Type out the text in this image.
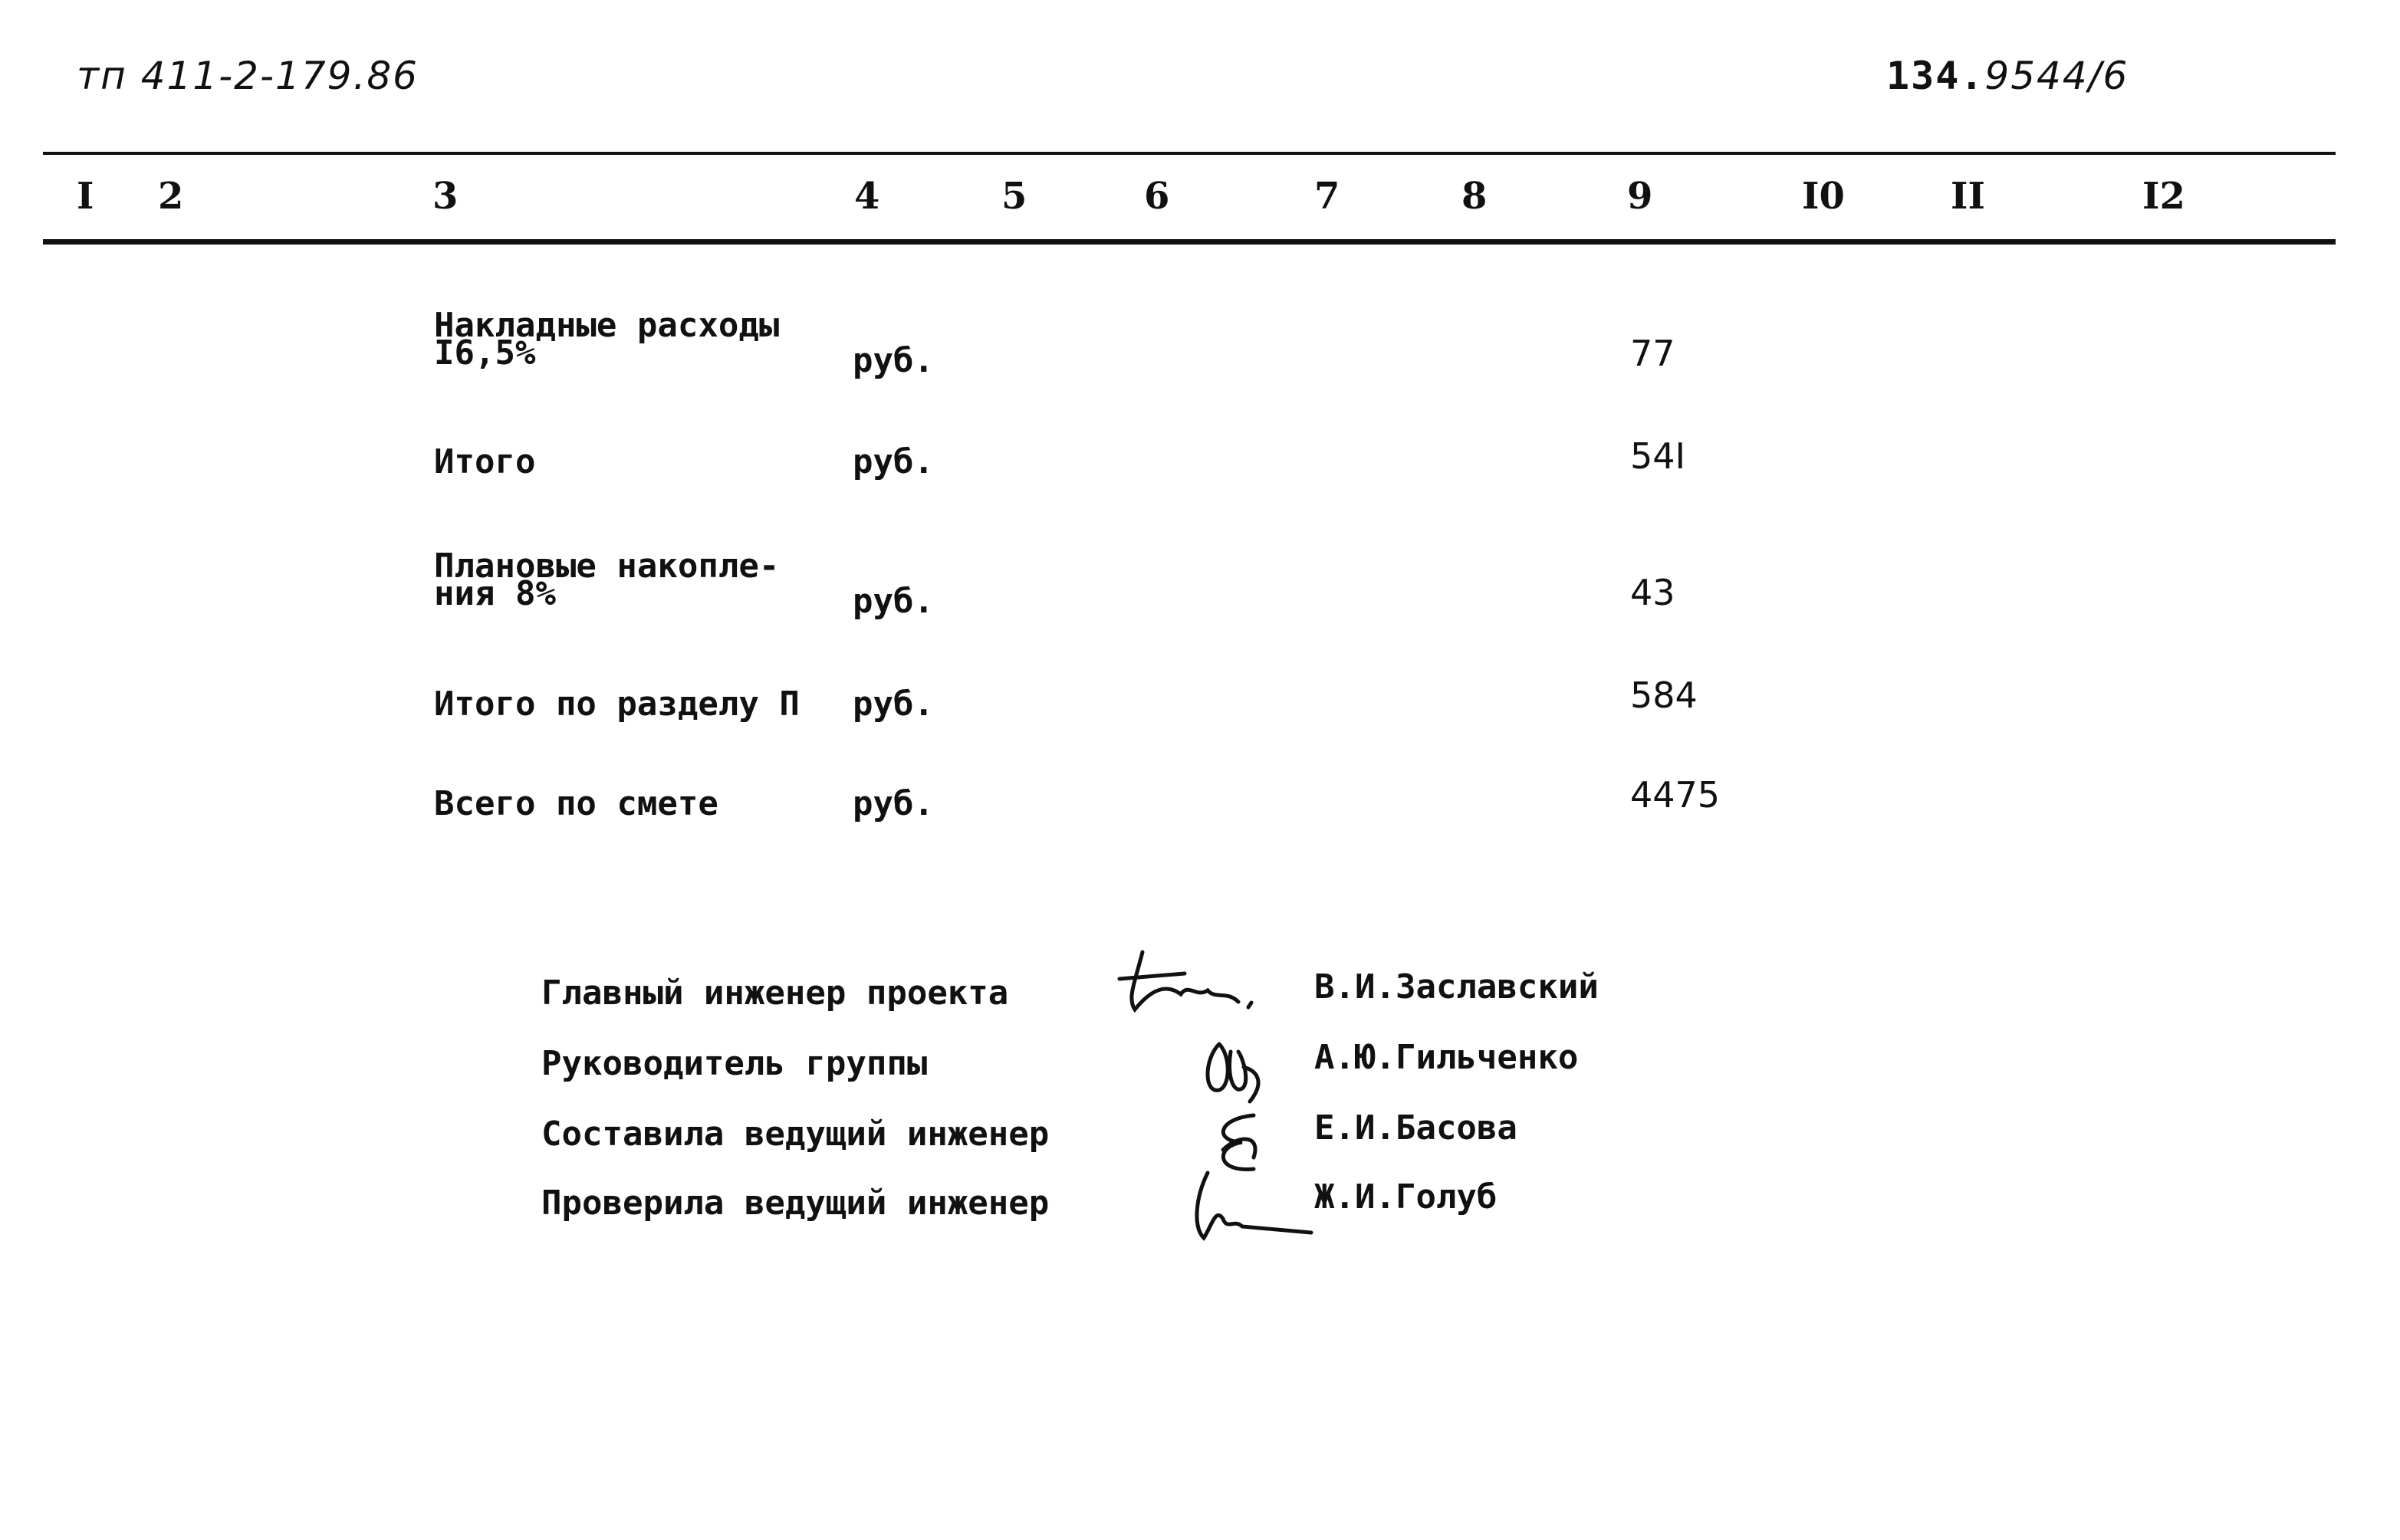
тп 411-2-179.86	134.9544/6
I 2	3	4	5	6	7	8	9	I0	II	I2
Накладные расходы
I6,5%	руб.	77
Итого	руб.	54I
Плановые накопле-
ния 8%	руб.	43
Итого по разделу П руб.	584
Всего по смете	руб.	4475
Главный инженер проекта	В.И.Заславский
Руководитель группы	А.Ю.Гильченко
Составила ведущий инженер	Е.И.Басова
Проверила ведущий инженер	Ж.И.Голуб
